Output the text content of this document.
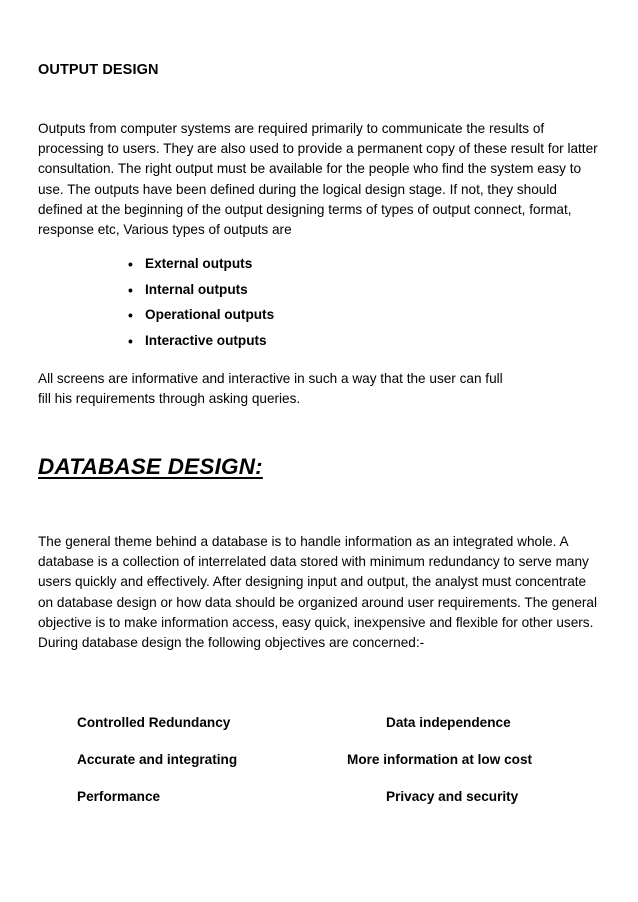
OUTPUT DESIGN

Outputs from computer systems are required primarily to communicate the results of processing to users. They are also used to provide a permanent copy of these result for latter consultation. The right output must be available for the people who find the system easy to use. The outputs have been defined during the logical design stage. If not, they should defined at the beginning of the output designing terms of types of output connect, format, response etc, Various types of outputs are

• External outputs
• Internal outputs
• Operational outputs
• Interactive outputs

All screens are informative and interactive in such a way that the user can full fill his requirements through asking queries.

DATABASE DESIGN:

The general theme behind a database is to handle information as an integrated whole. A database is a collection of interrelated data stored with minimum redundancy to serve many users quickly and effectively. After designing input and output, the analyst must concentrate on database design or how data should be organized around user requirements. The general objective is to make information access, easy quick, inexpensive and flexible for other users. During database design the following objectives are concerned:-

Controlled Redundancy	Data independence
Accurate and integrating	More information at low cost
Performance	Privacy and security
